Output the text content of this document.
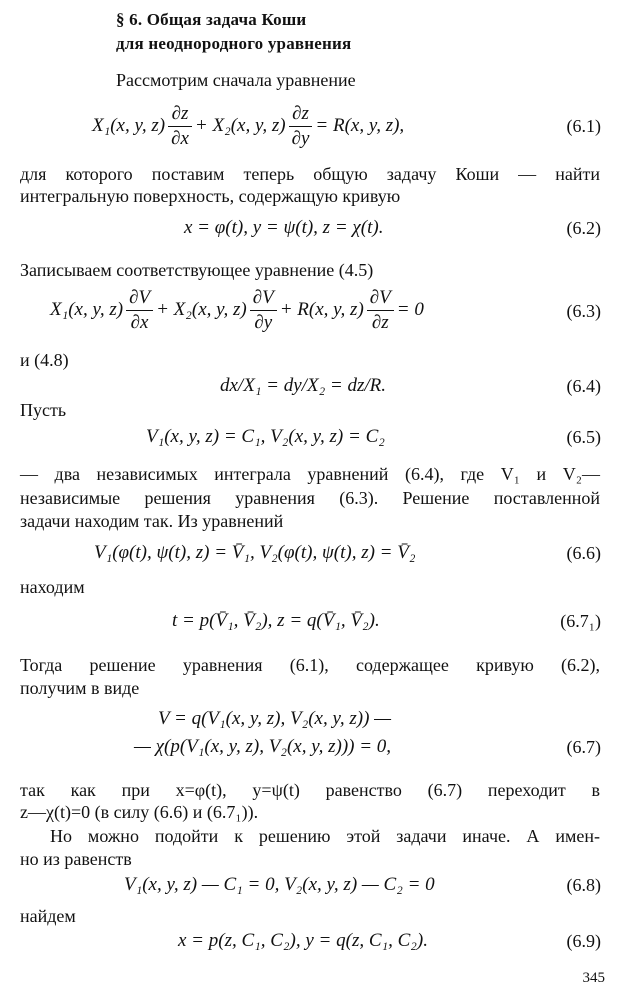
§ 6. Общая задача Коши
для неоднородного уравнения
Рассмотрим сначала уравнение
X₁(x, y, $z) \frac{\partial z}{\partial x} + X_2(x$, y, $z) \frac{\partial z}{\partial y} = R(x$, y, z),	(6.1)
для которого поставим теперь общую задачу Коши — найти
интегральную поверхность, содержащую кривую
x = φ(t), y = ψ(t), z = χ(t).	(6.2)
Записываем соответствующее уравнение (4.5)
X₁(x, y, $z) \frac{\partial V}{\partial x} + X_2(x$, y, $z) \frac{\partial V}{\partial y} + R(x$, y, $z) \frac{\partial V}{\partial z} = 0$	(6.3)
и (4.8)
dx/X₁ = dy/X₂ = dz/R.	(6.4)
Пусть
V₁(x, y, z) = C₁, V₂(x, y, z) = C₂	(6.5)
— два независимых интеграла уравнений (6.4), где V₁ и V₂—
независимые решения уравнения (6.3). Решение поставленной
задачи находим так. Из уравнений
V₁(φ(t), ψ(t), z) = V̄₁, V₂(φ(t), ψ(t), z) = V̄₂	(6.6)
находим
t = p(V̄₁, V̄₂), z = q(V̄₁, V̄₂).	(6.7₁)
Тогда решение уравнения (6.1), содержащее кривую (6.2),
получим в виде
V = q(V₁(x, y, z), V₂(x, y, z)) —
— χ(p(V₁(x, y, z), V₂(x, y, z))) = 0,	(6.7)
так как при x=φ(t), y=ψ(t) равенство (6.7) переходит в
z—χ(t)=0 (в силу (6.6) и (6.7₁)).
Но можно подойти к решению этой задачи иначе. А имен-
но из равенств
V₁(x, y, z) — C₁ = 0, V₂(x, y, z) — C₂ = 0	(6.8)
найдем
x = p(z, C₁, C₂), y = q(z, C₁, C₂).	(6.9)
345
